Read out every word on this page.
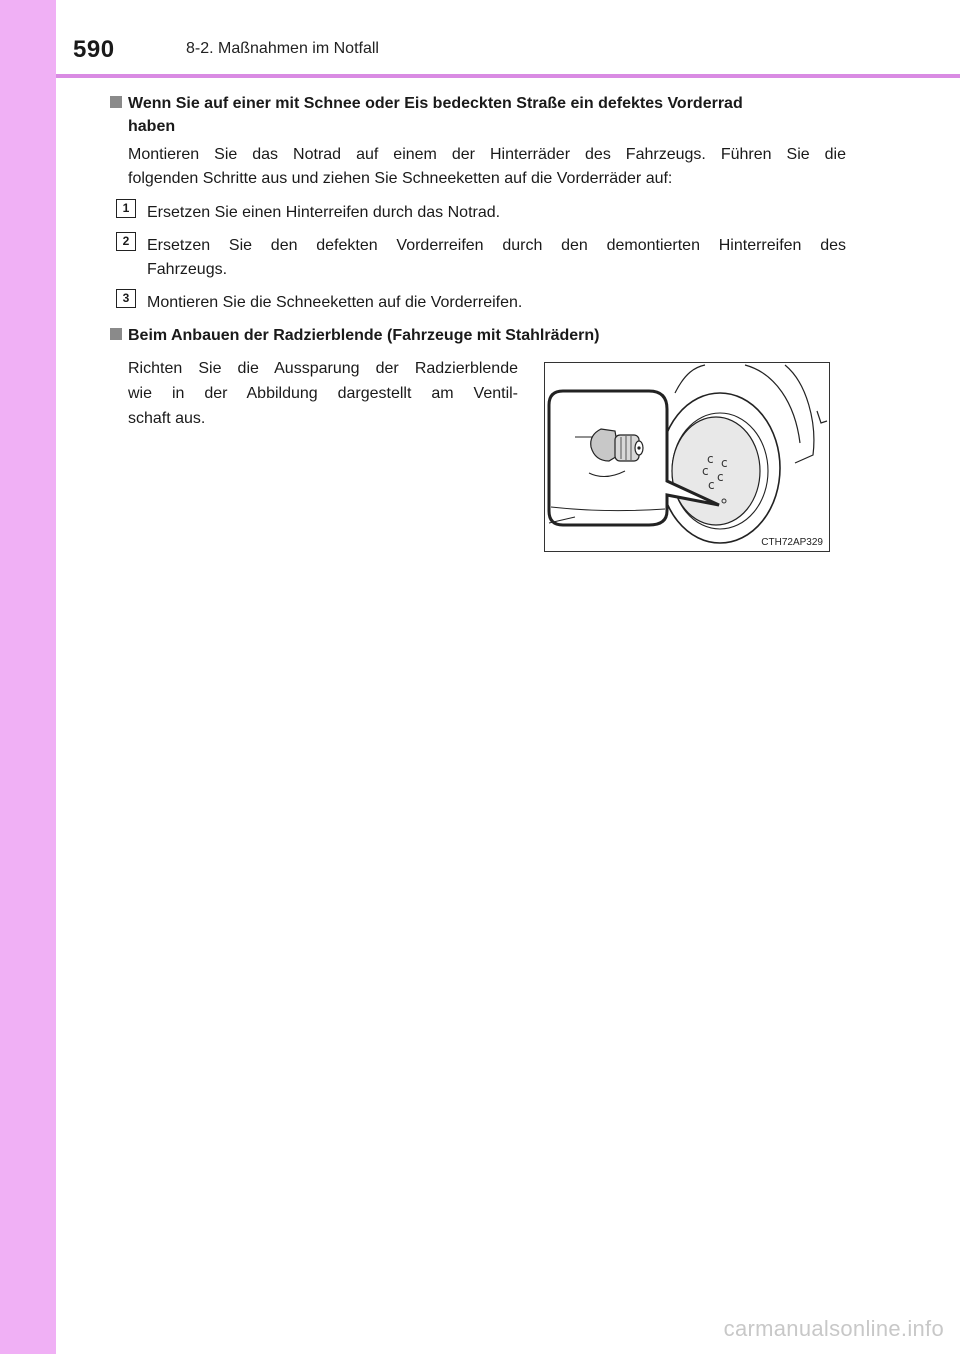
590	8-2. Maßnahmen im Notfall
Wenn Sie auf einer mit Schnee oder Eis bedeckten Straße ein defektes Vorderrad
haben
Montieren Sie das Notrad auf einem der Hinterräder des Fahrzeugs. Führen Sie die
folgenden Schritte aus und ziehen Sie Schneeketten auf die Vorderräder auf:
1	Ersetzen Sie einen Hinterreifen durch das Notrad.
2	Ersetzen Sie den defekten Vorderreifen durch den demontierten Hinterreifen des
Fahrzeugs.
3	Montieren Sie die Schneeketten auf die Vorderreifen.
Beim Anbauen der Radzierblende (Fahrzeuge mit Stahlrädern)
Richten Sie die Aussparung der Radzierblende
wie in der Abbildung dargestellt am Ventil-
schaft aus.
c c
c c
c
CTH72AP329
carmanualsonline.info
